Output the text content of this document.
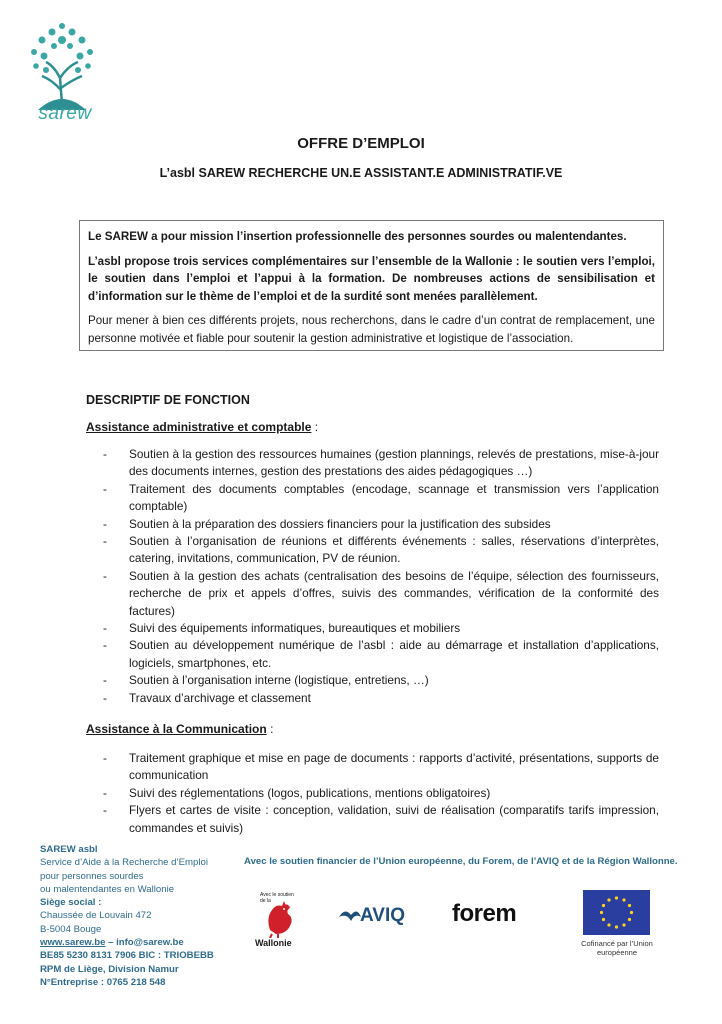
sarew
OFFRE D’EMPLOI
L’asbl SAREW RECHERCHE UN.E ASSISTANT.E ADMINISTRATIF.VE

Le SAREW a pour mission l’insertion professionnelle des personnes sourdes ou malentendantes.

L’asbl propose trois services complémentaires sur l’ensemble de la Wallonie : le soutien vers l’emploi, le soutien dans l’emploi et l’appui à la formation. De nombreuses actions de sensibilisation et d’information sur le thème de l’emploi et de la surdité sont menées parallèlement.

Pour mener à bien ces différents projets, nous recherchons, dans le cadre d’un contrat de remplacement, une personne motivée et fiable pour soutenir la gestion administrative et logistique de l’association.

DESCRIPTIF DE FONCTION
Assistance administrative et comptable :
- Soutien à la gestion des ressources humaines (gestion plannings, relevés de prestations, mise-à-jour des documents internes, gestion des prestations des aides pédagogiques …)
- Traitement des documents comptables (encodage, scannage et transmission vers l’application comptable)
- Soutien à la préparation des dossiers financiers pour la justification des subsides
- Soutien à l’organisation de réunions et différents événements : salles, réservations d’interprètes, catering, invitations, communication, PV de réunion.
- Soutien à la gestion des achats (centralisation des besoins de l’équipe, sélection des fournisseurs, recherche de prix et appels d’offres, suivis des commandes, vérification de la conformité des factures)
- Suivi des équipements informatiques, bureautiques et mobiliers
- Soutien au développement numérique de l’asbl : aide au démarrage et installation d’applications, logiciels, smartphones, etc.
- Soutien à l’organisation interne (logistique, entretiens, …)
- Travaux d’archivage et classement
Assistance à la Communication :
- Traitement graphique et mise en page de documents : rapports d’activité, présentations, supports de communication
- Suivi des réglementations (logos, publications, mentions obligatoires)
- Flyers et cartes de visite : conception, validation, suivi de réalisation (comparatifs tarifs impression, commandes et suivis)
SAREW asbl
Service d’Aide à la Recherche d’Emploi
pour personnes sourdes
ou malentendantes en Wallonie
Siège social :
Chaussée de Louvain 472
B-5004 Bouge
www.sarew.be – info@sarew.be
BE85 5230 8131 7906 BIC : TRIOBEBB
RPM de Liège, Division Namur
N°Entreprise : 0765 218 548
Avec le soutien financier de l’Union européenne, du Forem, de l’AVIQ et de la Région Wallonne.
Avec le soutien de la
Wallonie
AVIQ forem
Cofinancé par l’Union européenne
